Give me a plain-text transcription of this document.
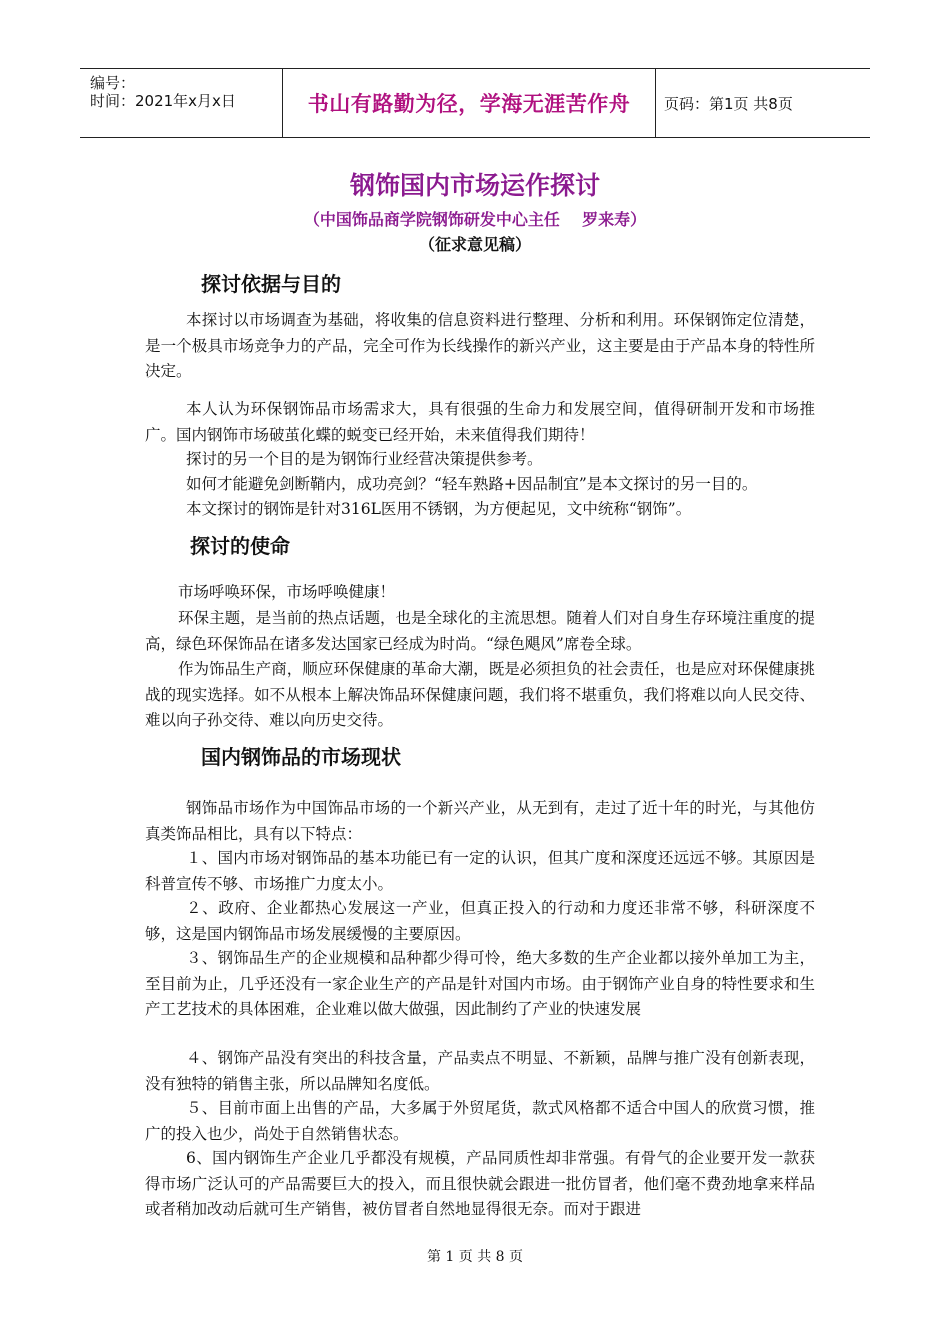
编号：
时间：2021年x月x日	书山有路勤为径，学海无涯苦作舟 页码：第1页 共8页
钢饰国内市场运作探讨
（中国饰品商学院钢饰研发中心主任    罗来寿）
（征求意见稿）
探讨依据与目的

本探讨以市场调查为基础，将收集的信息资料进行整理、分析和利用。环保钢饰定位清楚，是一个极具市场竞争力的产品，完全可作为长线操作的新兴产业，这主要是由于产品本身的特性所决定。

本人认为环保钢饰品市场需求大，具有很强的生命力和发展空间，值得研制开发和市场推广。国内钢饰市场破茧化蝶的蜕变已经开始，未来值得我们期待！

探讨的另一个目的是为钢饰行业经营决策提供参考。

如何才能避免剑断鞘内，成功亮剑？“轻车熟路+因品制宜”是本文探讨的另一目的。

本文探讨的钢饰是针对316L医用不锈钢，为方便起见，文中统称“钢饰”。

探讨的使命

市场呼唤环保，市场呼唤健康！

环保主题，是当前的热点话题，也是全球化的主流思想。随着人们对自身生存环境注重度的提高，绿色环保饰品在诸多发达国家已经成为时尚。“绿色飓风”席卷全球。

作为饰品生产商，顺应环保健康的革命大潮，既是必须担负的社会责任，也是应对环保健康挑战的现实选择。如不从根本上解决饰品环保健康问题，我们将不堪重负，我们将难以向人民交待、难以向子孙交待、难以向历史交待。

国内钢饰品的市场现状

钢饰品市场作为中国饰品市场的一个新兴产业，从无到有，走过了近十年的时光，与其他仿真类饰品相比，具有以下特点：

１、国内市场对钢饰品的基本功能已有一定的认识，但其广度和深度还远远不够。其原因是科普宣传不够、市场推广力度太小。

２、政府、企业都热心发展这一产业，但真正投入的行动和力度还非常不够，科研深度不够，这是国内钢饰品市场发展缓慢的主要原因。

３、钢饰品生产的企业规模和品种都少得可怜，绝大多数的生产企业都以接外单加工为主，至目前为止，几乎还没有一家企业生产的产品是针对国内市场。由于钢饰产业自身的特性要求和生产工艺技术的具体困难，企业难以做大做强，因此制约了产业的快速发展

４、钢饰产品没有突出的科技含量，产品卖点不明显、不新颖，品牌与推广没有创新表现，没有独特的销售主张，所以品牌知名度低。

５、目前市面上出售的产品，大多属于外贸尾货，款式风格都不适合中国人的欣赏习惯，推广的投入也少，尚处于自然销售状态。

6、国内钢饰生产企业几乎都没有规模，产品同质性却非常强。有骨气的企业要开发一款获得市场广泛认可的产品需要巨大的投入，而且很快就会跟进一批仿冒者，他们毫不费劲地拿来样品或者稍加改动后就可生产销售，被仿冒者自然地显得很无奈。而对于跟进

第 1 页 共 8 页
